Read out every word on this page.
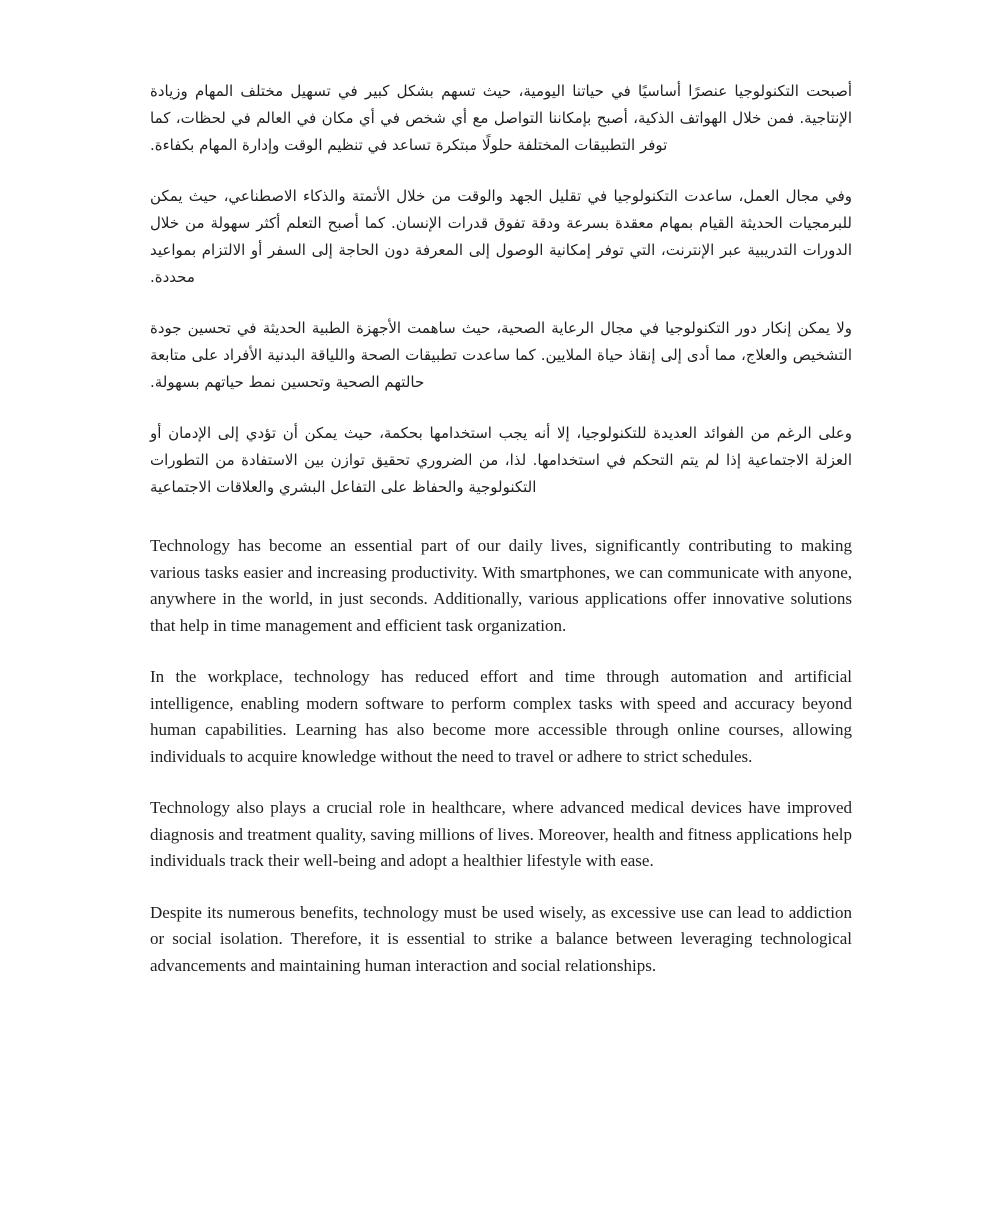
أصبحت التكنولوجيا عنصرًا أساسيًا في حياتنا اليومية، حيث تسهم بشكل كبير في تسهيل مختلف المهام وزيادة الإنتاجية. فمن خلال الهواتف الذكية، أصبح بإمكاننا التواصل مع أي شخص في أي مكان في العالم في لحظات، كما توفر التطبيقات المختلفة حلولًا مبتكرة تساعد في تنظيم الوقت وإدارة المهام بكفاءة.

وفي مجال العمل، ساعدت التكنولوجيا في تقليل الجهد والوقت من خلال الأتمتة والذكاء الاصطناعي، حيث يمكن للبرمجيات الحديثة القيام بمهام معقدة بسرعة ودقة تفوق قدرات الإنسان. كما أصبح التعلم أكثر سهولة من خلال الدورات التدريبية عبر الإنترنت، التي توفر إمكانية الوصول إلى المعرفة دون الحاجة إلى السفر أو الالتزام بمواعيد محددة.

ولا يمكن إنكار دور التكنولوجيا في مجال الرعاية الصحية، حيث ساهمت الأجهزة الطبية الحديثة في تحسين جودة التشخيص والعلاج، مما أدى إلى إنقاذ حياة الملايين. كما ساعدت تطبيقات الصحة واللياقة البدنية الأفراد على متابعة حالتهم الصحية وتحسين نمط حياتهم بسهولة.

وعلى الرغم من الفوائد العديدة للتكنولوجيا، إلا أنه يجب استخدامها بحكمة، حيث يمكن أن تؤدي إلى الإدمان أو العزلة الاجتماعية إذا لم يتم التحكم في استخدامها. لذا، من الضروري تحقيق توازن بين الاستفادة من التطورات التكنولوجية والحفاظ على التفاعل البشري والعلاقات الاجتماعية

Technology has become an essential part of our daily lives, significantly contributing to making various tasks easier and increasing productivity. With smartphones, we can communicate with anyone, anywhere in the world, in just seconds. Additionally, various applications offer innovative solutions that help in time management and efficient task organization.

In the workplace, technology has reduced effort and time through automation and artificial intelligence, enabling modern software to perform complex tasks with speed and accuracy beyond human capabilities. Learning has also become more accessible through online courses, allowing individuals to acquire knowledge without the need to travel or adhere to strict schedules.

Technology also plays a crucial role in healthcare, where advanced medical devices have improved diagnosis and treatment quality, saving millions of lives. Moreover, health and fitness applications help individuals track their well-being and adopt a healthier lifestyle with ease.

Despite its numerous benefits, technology must be used wisely, as excessive use can lead to addiction or social isolation. Therefore, it is essential to strike a balance between leveraging technological advancements and maintaining human interaction and social relationships.
